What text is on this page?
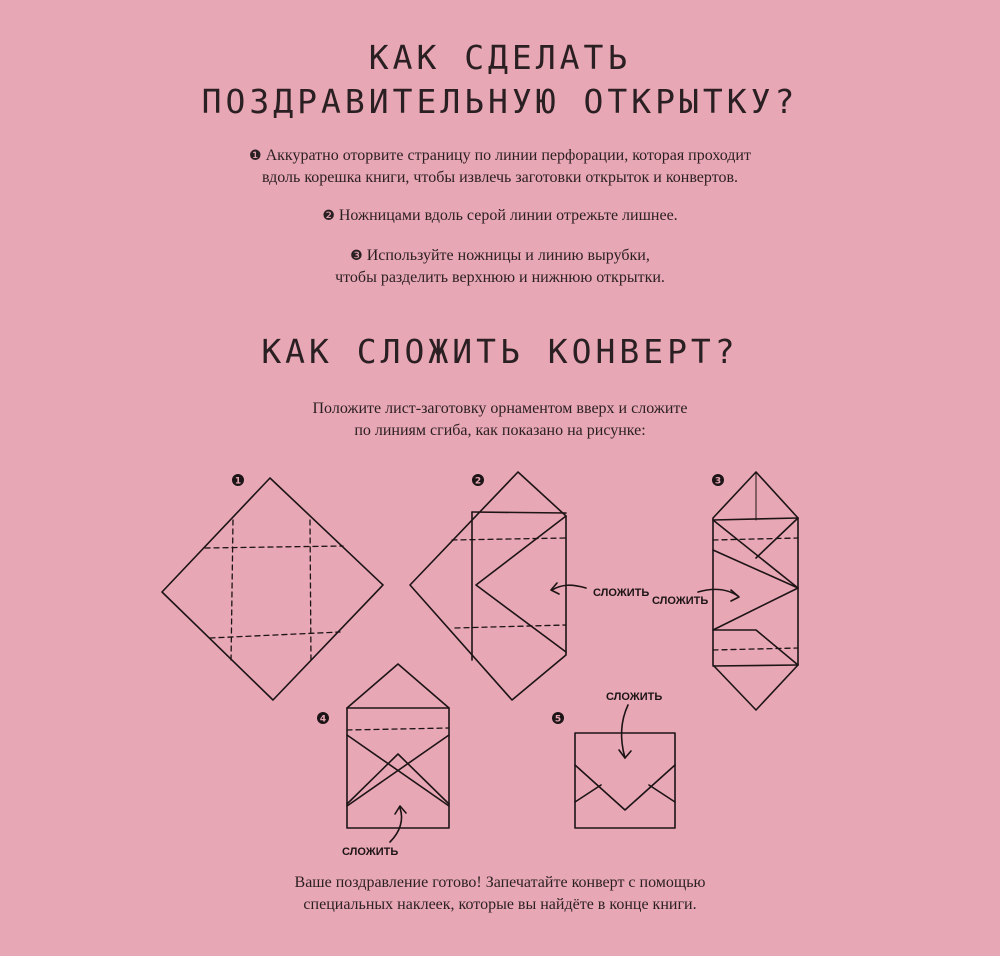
КАК СДЕЛАТЬ
ПОЗДРАВИТЕЛЬНУЮ ОТКРЫТКУ?
❶ Аккуратно оторвите страницу по линии перфорации, которая проходит
вдоль корешка книги, чтобы извлечь заготовки открыток и конвертов.
❷ Ножницами вдоль серой линии отрежьте лишнее.
❸ Используйте ножницы и линию вырубки,
чтобы разделить верхнюю и нижнюю открытки.
КАК СЛОЖИТЬ КОНВЕРТ?
Положите лист-заготовку орнаментом вверх и сложите
по линиям сгиба, как показано на рисунке:
1	2
СЛОЖИТЬ
3
СЛОЖИТЬ
4
СЛОЖИТЬ
5
СЛОЖИТЬ
Ваше поздравление готово! Запечатайте конверт с помощью
специальных наклеек, которые вы найдёте в конце книги.
